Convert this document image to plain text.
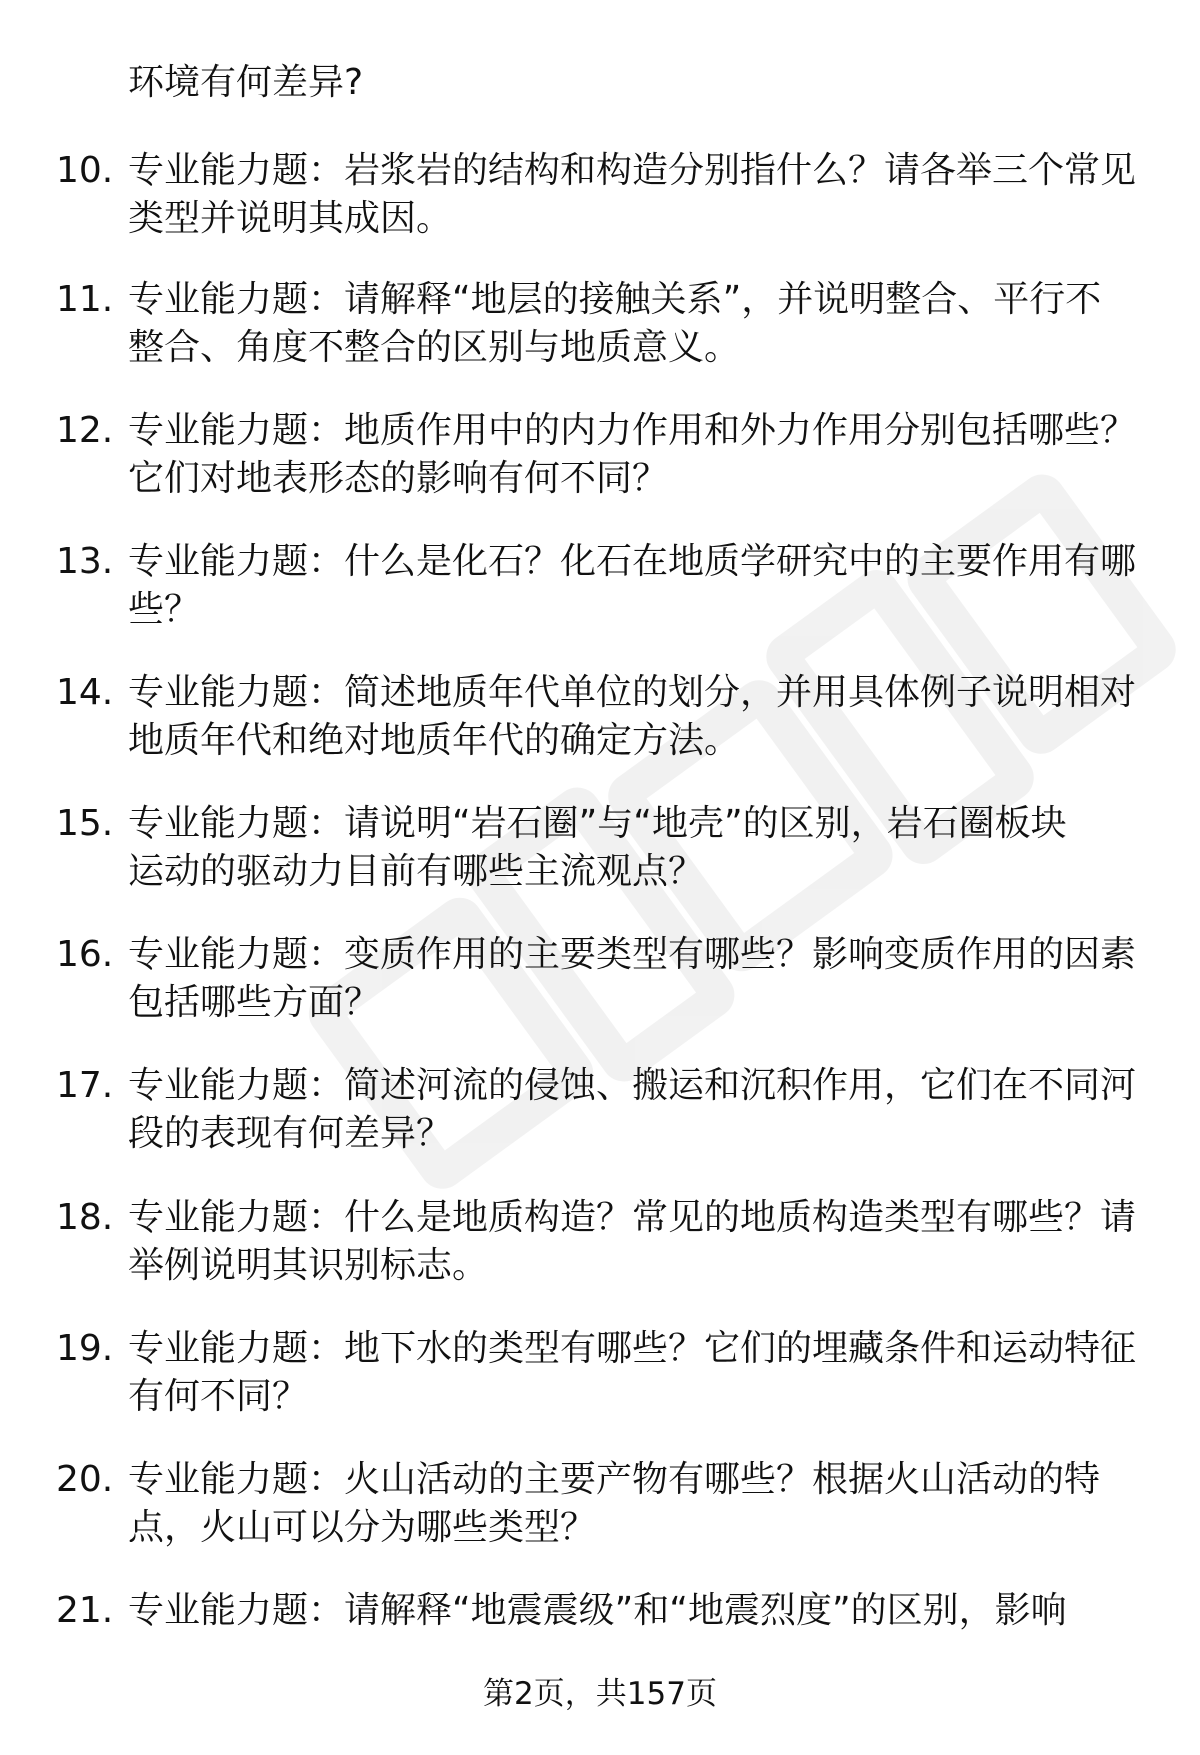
环境有何差异?
10. 专业能力题：岩浆岩的结构和构造分别指什么？请各举三个常见
类型并说明其成因。
11. 专业能力题：请解释“地层的接触关系”，并说明整合、平行不
整合、角度不整合的区别与地质意义。
12. 专业能力题：地质作用中的内力作用和外力作用分别包括哪些？
它们对地表形态的影响有何不同？
13. 专业能力题：什么是化石？化石在地质学研究中的主要作用有哪
些？
14. 专业能力题：简述地质年代单位的划分，并用具体例子说明相对
地质年代和绝对地质年代的确定方法。
15. 专业能力题：请说明“岩石圈”与“地壳”的区别，岩石圈板块
运动的驱动力目前有哪些主流观点？
16. 专业能力题：变质作用的主要类型有哪些？影响变质作用的因素
包括哪些方面？
17. 专业能力题：简述河流的侵蚀、搬运和沉积作用，它们在不同河
段的表现有何差异？
18. 专业能力题：什么是地质构造？常见的地质构造类型有哪些？请
举例说明其识别标志。
19. 专业能力题：地下水的类型有哪些？它们的埋藏条件和运动特征
有何不同？
20. 专业能力题：火山活动的主要产物有哪些？根据火山活动的特
点，火山可以分为哪些类型？
21. 专业能力题：请解释“地震震级”和“地震烈度”的区别，影响
第2页，共157页
